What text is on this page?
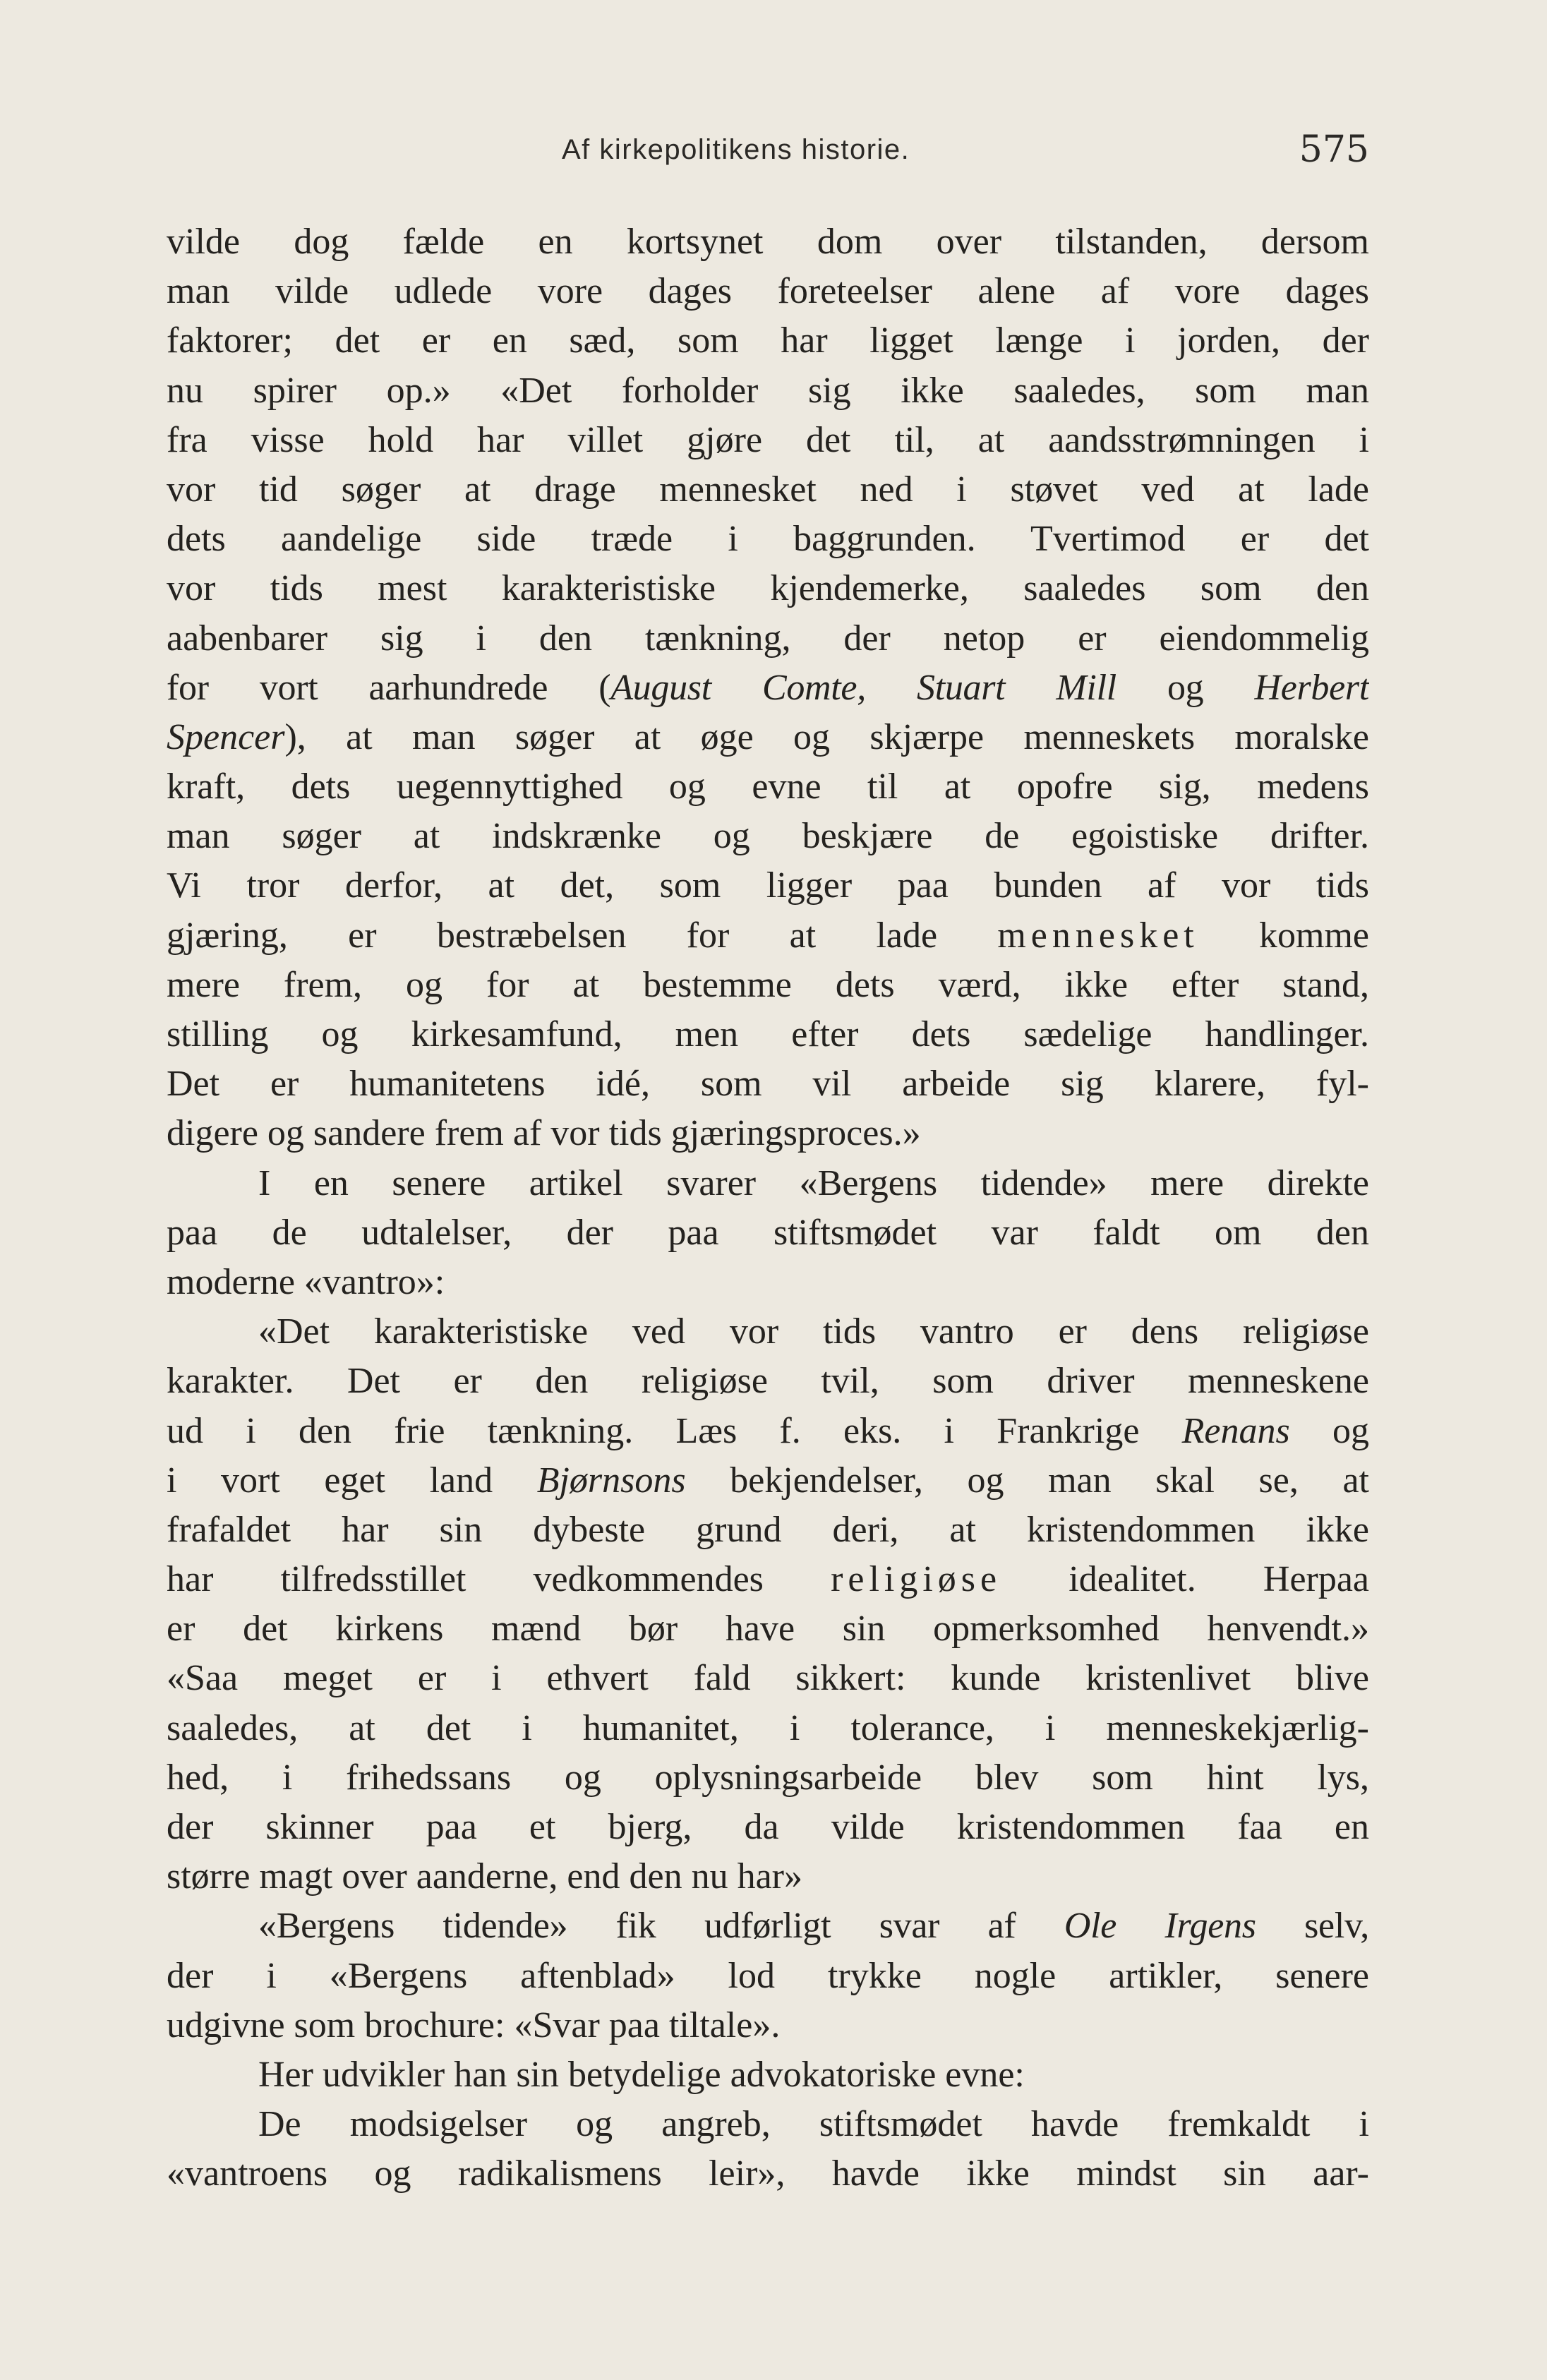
Af kirkepolitikens historie.	575
vilde dog fælde en kortsynet dom over tilstanden, dersom
man vilde udlede vore dages foreteelser alene af vore dages
faktorer; det er en sæd, som har ligget længe i jorden, der
nu spirer op.» «Det forholder sig ikke saaledes, som man
fra visse hold har villet gjøre det til, at aandsstrømningen i
vor tid søger at drage mennesket ned i støvet ved at lade
dets aandelige side træde i baggrunden. Tvertimod er det
vor tids mest karakteristiske kjendemerke, saaledes som den
aabenbarer sig i den tænkning, der netop er eiendommelig
for vort aarhundrede (August Comte, Stuart Mill og Herbert
Spencer), at man søger at øge og skjærpe menneskets moralske
kraft, dets uegennyttighed og evne til at opofre sig, medens
man søger at indskrænke og beskjære de egoistiske drifter.
Vi tror derfor, at det, som ligger paa bunden af vor tids
gjæring, er bestræbelsen for at lade mennesket komme
mere frem, og for at bestemme dets værd, ikke efter stand,
stilling og kirkesamfund, men efter dets sædelige handlinger.
Det er humanitetens idé, som vil arbeide sig klarere, fyl-
digere og sandere frem af vor tids gjæringsproces.»
I en senere artikel svarer «Bergens tidende» mere direkte
paa de udtalelser, der paa stiftsmødet var faldt om den
moderne «vantro»:
«Det karakteristiske ved vor tids vantro er dens religiøse
karakter. Det er den religiøse tvil, som driver menneskene
ud i den frie tænkning. Læs f. eks. i Frankrige Renans og
i vort eget land Bjørnsons bekjendelser, og man skal se, at
frafaldet har sin dybeste grund deri, at kristendommen ikke
har tilfredsstillet vedkommendes religiøse idealitet. Herpaa
er det kirkens mænd bør have sin opmerksomhed henvendt.»
«Saa meget er i ethvert fald sikkert: kunde kristenlivet blive
saaledes, at det i humanitet, i tolerance, i menneskekjærlig-
hed, i frihedssans og oplysningsarbeide blev som hint lys,
der skinner paa et bjerg, da vilde kristendommen faa en
større magt over aanderne, end den nu har»
«Bergens tidende» fik udførligt svar af Ole Irgens selv,
der i «Bergens aftenblad» lod trykke nogle artikler, senere
udgivne som brochure: «Svar paa tiltale».
Her udvikler han sin betydelige advokatoriske evne:
De modsigelser og angreb, stiftsmødet havde fremkaldt i
«vantroens og radikalismens leir», havde ikke mindst sin aar-
